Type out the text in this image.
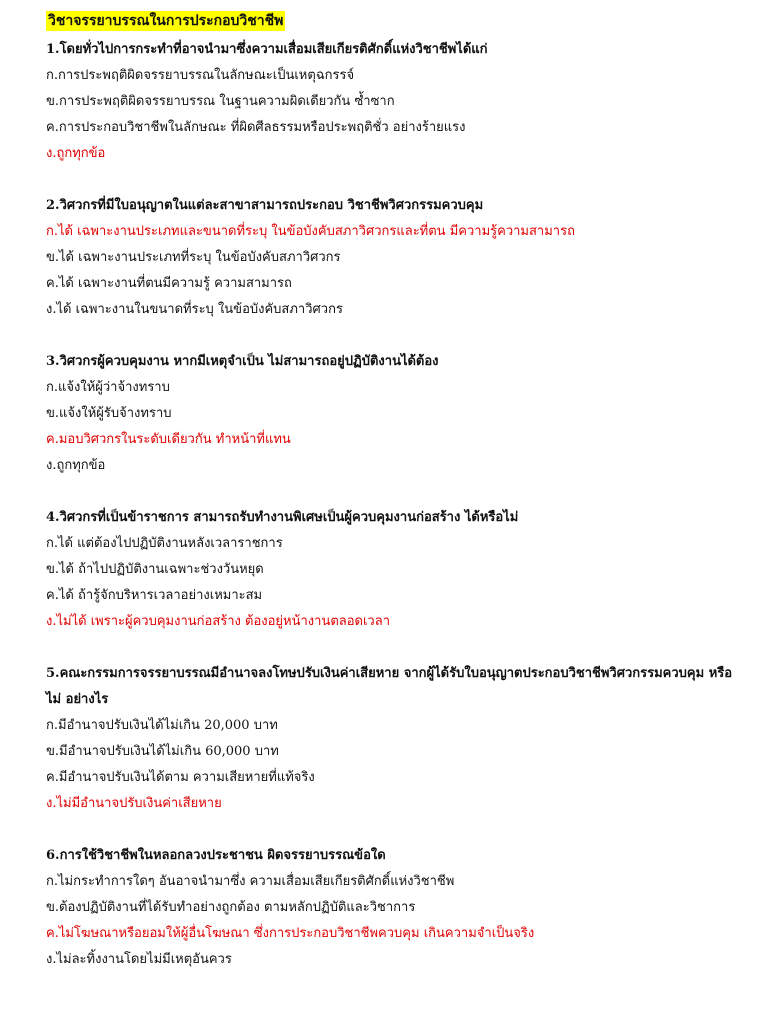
วิชาจรรยาบรรณในการประกอบวิชาชีพ
1.โดยทั่วไปการกระทำที่อาจนำมาซึ่งความเสื่อมเสียเกียรติศักดิ์แห่งวิชาชีพได้แก่
ก.การประพฤติผิดจรรยาบรรณในลักษณะเป็นเหตุฉกรรจ์
ข.การประพฤติผิดจรรยาบรรณ ในฐานความผิดเดียวกัน ซ้ำซาก
ค.การประกอบวิชาชีพในลักษณะ ที่ผิดศีลธรรมหรือประพฤติชั่ว อย่างร้ายแรง
ง.ถูกทุกข้อ
2.วิศวกรที่มีใบอนุญาตในแต่ละสาขาสามารถประกอบ วิชาชีพวิศวกรรมควบคุม
ก.ได้ เฉพาะงานประเภทและขนาดที่ระบุ ในข้อบังคับสภาวิศวกรและที่ตน มีความรู้ความสามารถ
ข.ได้ เฉพาะงานประเภทที่ระบุ ในข้อบังคับสภาวิศวกร
ค.ได้ เฉพาะงานที่ตนมีความรู้ ความสามารถ
ง.ได้ เฉพาะงานในขนาดที่ระบุ ในข้อบังคับสภาวิศวกร
3.วิศวกรผู้ควบคุมงาน หากมีเหตุจำเป็น ไม่สามารถอยู่ปฏิบัติงานได้ต้อง
ก.แจ้งให้ผู้ว่าจ้างทราบ
ข.แจ้งให้ผู้รับจ้างทราบ
ค.มอบวิศวกรในระดับเดียวกัน ทำหน้าที่แทน
ง.ถูกทุกข้อ
4.วิศวกรที่เป็นข้าราชการ สามารถรับทำงานพิเศษเป็นผู้ควบคุมงานก่อสร้าง ได้หรือไม่
ก.ได้ แต่ต้องไปปฏิบัติงานหลังเวลาราชการ
ข.ได้ ถ้าไปปฏิบัติงานเฉพาะช่วงวันหยุด
ค.ได้ ถ้ารู้จักบริหารเวลาอย่างเหมาะสม
ง.ไม่ได้ เพราะผู้ควบคุมงานก่อสร้าง ต้องอยู่หน้างานตลอดเวลา
5.คณะกรรมการจรรยาบรรณมีอำนาจลงโทษปรับเงินค่าเสียหาย จากผู้ได้รับใบอนุญาตประกอบวิชาชีพวิศวกรรมควบคุม หรือไม่ อย่างไร
ก.มีอำนาจปรับเงินได้ไม่เกิน 20,000 บาท
ข.มีอำนาจปรับเงินได้ไม่เกิน 60,000 บาท
ค.มีอำนาจปรับเงินได้ตาม ความเสียหายที่แท้จริง
ง.ไม่มีอำนาจปรับเงินค่าเสียหาย
6.การใช้วิชาชีพในหลอกลวงประชาชน ผิดจรรยาบรรณข้อใด
ก.ไม่กระทำการใดๆ อันอาจนำมาซึ่ง ความเสื่อมเสียเกียรติศักดิ์แห่งวิชาชีพ
ข.ต้องปฏิบัติงานที่ได้รับทำอย่างถูกต้อง ตามหลักปฏิบัติและวิชาการ
ค.ไม่โฆษณาหรือยอมให้ผู้อื่นโฆษณา ซึ่งการประกอบวิชาชีพควบคุม เกินความจำเป็นจริง
ง.ไม่ละทิ้งงานโดยไม่มีเหตุอันควร
